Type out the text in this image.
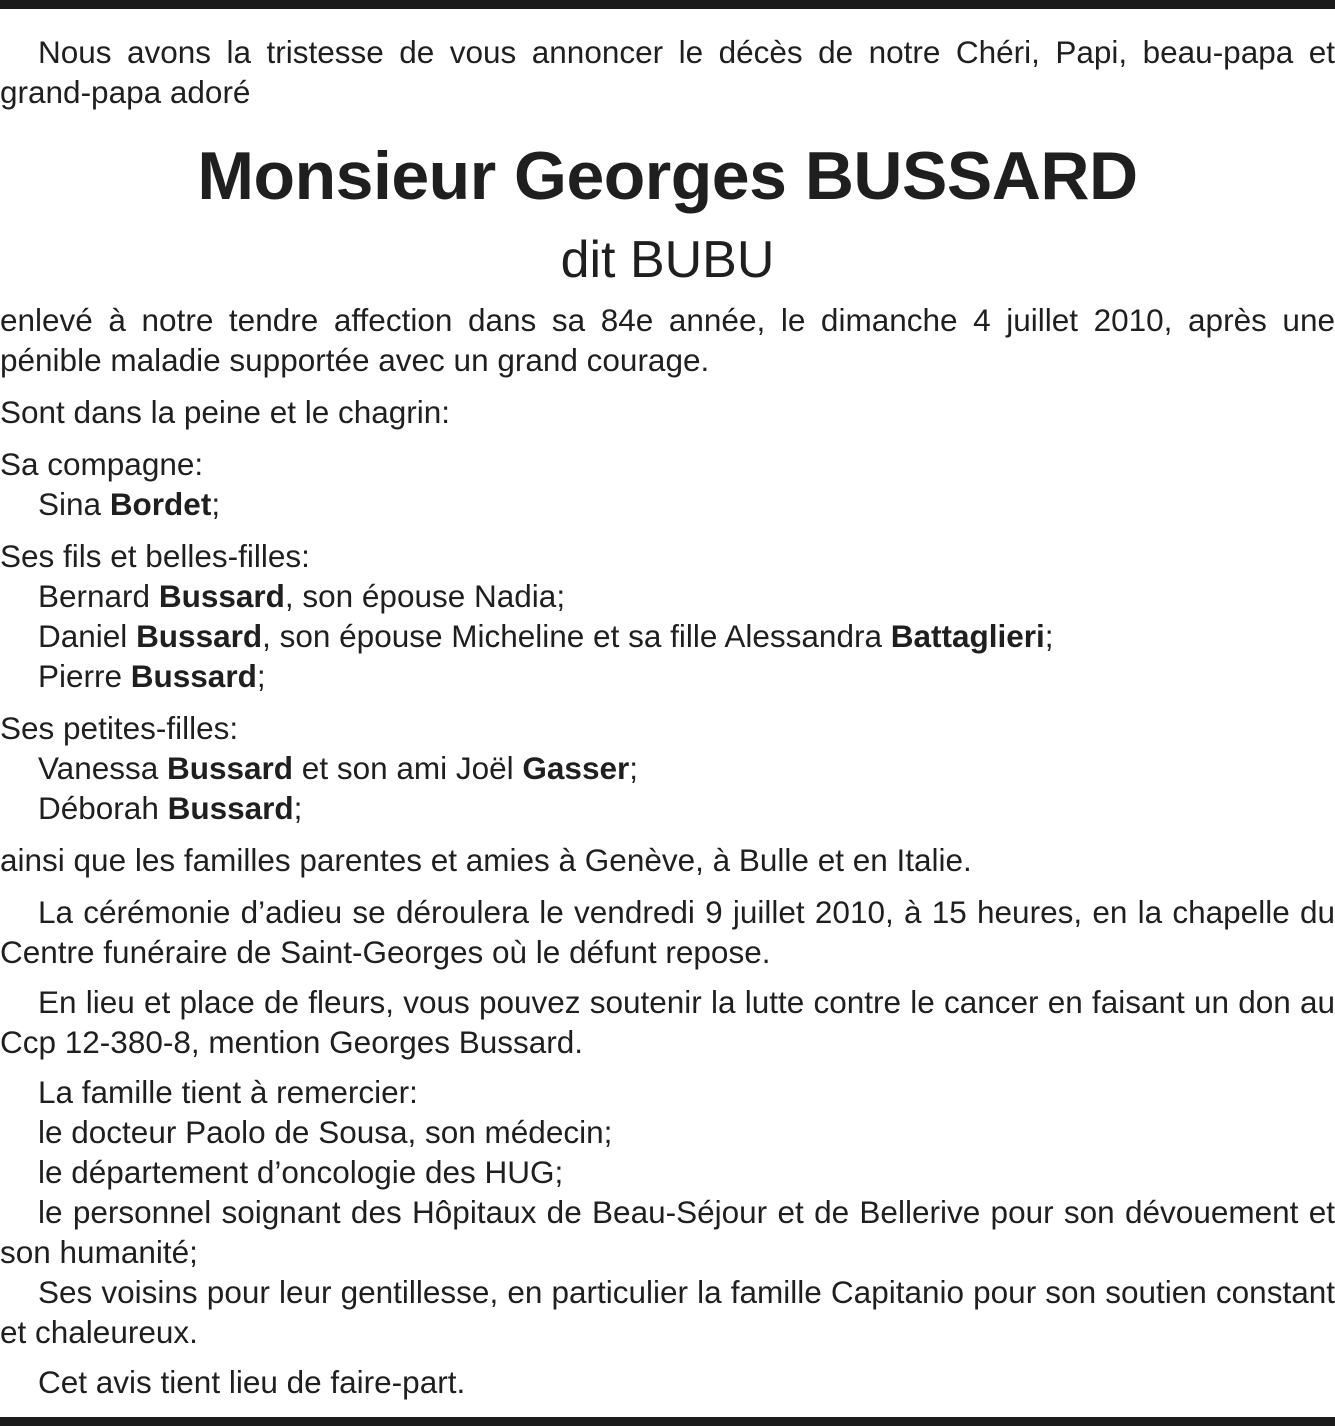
Nous avons la tristesse de vous annoncer le décès de notre Chéri, Papi, beau-papa et grand-papa adoré

Monsieur Georges BUSSARD
dit BUBU

enlevé à notre tendre affection dans sa 84e année, le dimanche 4 juillet 2010, après une pénible maladie supportée avec un grand courage.

Sont dans la peine et le chagrin:

Sa compagne:

Sina Bordet;

Ses fils et belles-filles:

Bernard Bussard, son épouse Nadia;

Daniel Bussard, son épouse Micheline et sa fille Alessandra Battaglieri;

Pierre Bussard;

Ses petites-filles:

Vanessa Bussard et son ami Joël Gasser;

Déborah Bussard;

ainsi que les familles parentes et amies à Genève, à Bulle et en Italie.

La cérémonie d’adieu se déroulera le vendredi 9 juillet 2010, à 15 heures, en la chapelle du Centre funéraire de Saint-Georges où le défunt repose.

En lieu et place de fleurs, vous pouvez soutenir la lutte contre le cancer en faisant un don au Ccp 12-380-8, mention Georges Bussard.

La famille tient à remercier:

le docteur Paolo de Sousa, son médecin;

le département d’oncologie des HUG;

le personnel soignant des Hôpitaux de Beau-Séjour et de Bellerive pour son dévouement et son humanité;

Ses voisins pour leur gentillesse, en particulier la famille Capitanio pour son soutien constant et chaleureux.

Cet avis tient lieu de faire-part.
